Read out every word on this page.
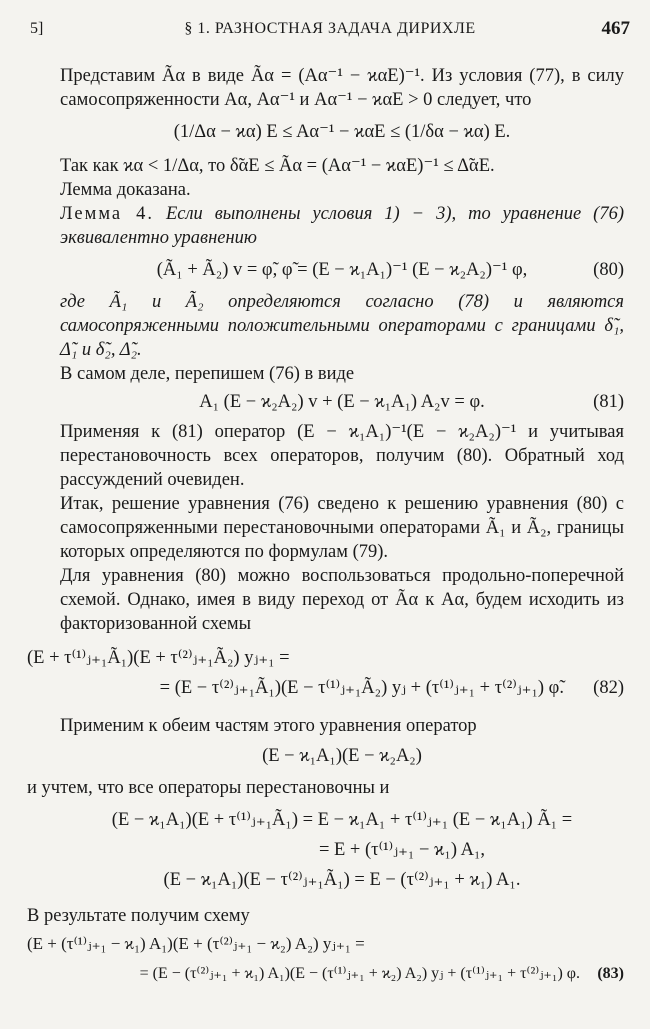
5]	§ 1. РАЗНОСТНАЯ ЗАДАЧА ДИРИХЛЕ	467

Представим Ãα в виде Ãα = (Aα⁻¹ − ϰαE)⁻¹. Из условия (77), в силу самосопряженности Aα, Aα⁻¹ и Aα⁻¹ − ϰαE > 0 следует, что

(1/Δα − ϰα) E ≤ Aα⁻¹ − ϰαE ≤ (1/δα − ϰα) E.

Так как ϰα < 1/Δα, то δ̃αE ≤ Ãα = (Aα⁻¹ − ϰαE)⁻¹ ≤ Δ̃αE.

Лемма доказана.

Лемма 4. Если выполнены условия 1) − 3), то уравнение (76) эквивалентно уравнению

(Ã₁ + Ã₂) v = φ̃, φ̃ = (E − ϰ₁A₁)⁻¹ (E − ϰ₂A₂)⁻¹ φ,	(80)

где Ã₁ и Ã₂ определяются согласно (78) и являются самосопряженными положительными операторами с границами δ̃₁, Δ̃₁ и δ̃₂, Δ̃₂.

В самом деле, перепишем (76) в виде

A₁ (E − ϰ₂A₂) v + (E − ϰ₁A₁) A₂v = φ.	(81)

Применяя к (81) оператор (E − ϰ₁A₁)⁻¹(E − ϰ₂A₂)⁻¹ и учитывая перестановочность всех операторов, получим (80). Обратный ход рассуждений очевиден.

Итак, решение уравнения (76) сведено к решению уравнения (80) с самосопряженными перестановочными операторами Ã₁ и Ã₂, границы которых определяются по формулам (79).

Для уравнения (80) можно воспользоваться продольно-поперечной схемой. Однако, имея в виду переход от Ãα к Aα, будем исходить из факторизованной схемы

(E + τ⁽¹⁾ⱼ₊₁Ã₁)(E + τ⁽²⁾ⱼ₊₁Ã₂) yⱼ₊₁ =
= (E − τ⁽²⁾ⱼ₊₁Ã₁)(E − τ⁽¹⁾ⱼ₊₁Ã₂) yⱼ + (τ⁽¹⁾ⱼ₊₁ + τ⁽²⁾ⱼ₊₁) φ̃. (82)

Применим к обеим частям этого уравнения оператор

(E − ϰ₁A₁)(E − ϰ₂A₂)

и учтем, что все операторы перестановочны и

(E − ϰ₁A₁)(E + τ⁽¹⁾ⱼ₊₁Ã₁) = E − ϰ₁A₁ + τ⁽¹⁾ⱼ₊₁ (E − ϰ₁A₁) Ã₁ =
= E + (τ⁽¹⁾ⱼ₊₁ − ϰ₁) A₁,
(E − ϰ₁A₁)(E − τ⁽²⁾ⱼ₊₁Ã₁) = E − (τ⁽²⁾ⱼ₊₁ + ϰ₁) A₁.

В результате получим схему

(E + (τ⁽¹⁾ⱼ₊₁ − ϰ₁) A₁)(E + (τ⁽²⁾ⱼ₊₁ − ϰ₂) A₂) yⱼ₊₁ =
= (E − (τ⁽²⁾ⱼ₊₁ + ϰ₁) A₁)(E − (τ⁽¹⁾ⱼ₊₁ + ϰ₂) A₂) yⱼ + (τ⁽¹⁾ⱼ₊₁ + τ⁽²⁾ⱼ₊₁) φ. (83)
